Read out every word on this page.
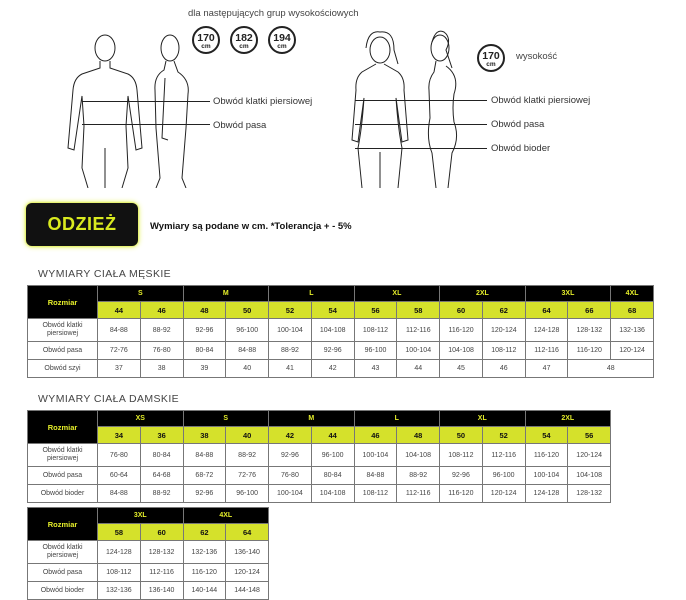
dla następujących grup wysokościowych
170
cm
182
cm
194
cm
170
cm
wysokość
Obwód klatki piersiowej
Obwód pasa
Obwód klatki piersiowej
Obwód pasa
Obwód bioder
ODZIEŻ	Wymiary są podane w cm. *Tolerancja + - 5%
WYMIARY CIAŁA MĘSKIE
Rozmiar	S		M		L		XL		2XL		3XL		4XL
	44	46	48	50	52	54	56	58	60	62	64	66	68
Obwód klatki piersiowej	84-88	88-92	92-96	96-100	100-104	104-108	108-112	112-116	116-120	120-124	124-128	128-132	132-136
Obwód pasa	72-76	76-80	80-84	84-88	88-92	92-96	96-100	100-104	104-108	108-112	112-116	116-120	120-124
Obwód szyi	37	38	39	40	41	42	43	44	45	46	47	48	
WYMIARY CIAŁA DAMSKIE
Rozmiar	XS		S		M		L		XL		2XL	
	34	36	38	40	42	44	46	48	50	52	54	56
Obwód klatki piersiowej	76-80	80-84	84-88	88-92	92-96	96-100	100-104	104-108	108-112	112-116	116-120	120-124
Obwód pasa	60-64	64-68	68-72	72-76	76-80	80-84	84-88	88-92	92-96	96-100	100-104	104-108
Obwód bioder	84-88	88-92	92-96	96-100	100-104	104-108	108-112	112-116	116-120	120-124	124-128	128-132
Rozmiar	3XL		4XL	
	58	60	62	64
Obwód klatki piersiowej	124-128	128-132	132-136	136-140
Obwód pasa	108-112	112-116	116-120	120-124
Obwód bioder	132-136	136-140	140-144	144-148
